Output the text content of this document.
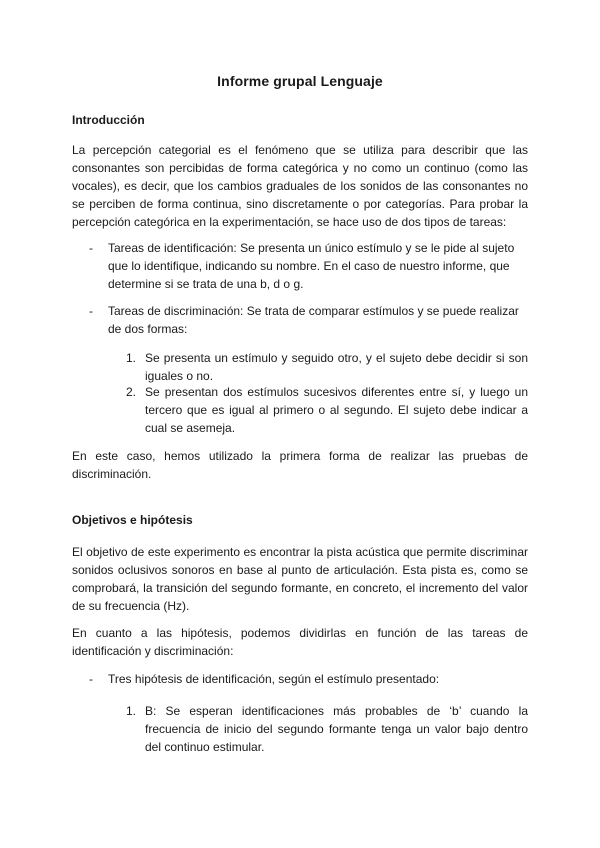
Informe grupal Lenguaje
Introducción
La percepción categorial es el fenómeno que se utiliza para describir que las consonantes son percibidas de forma categórica y no como un continuo (como las vocales), es decir, que los cambios graduales de los sonidos de las consonantes no se perciben de forma continua, sino discretamente o por categorías. Para probar la percepción categórica en la experimentación, se hace uso de dos tipos de tareas:
- Tareas de identificación: Se presenta un único estímulo y se le pide al sujeto que lo identifique, indicando su nombre. En el caso de nuestro informe, que determine si se trata de una b, d o g.
- Tareas de discriminación: Se trata de comparar estímulos y se puede realizar de dos formas:
1. Se presenta un estímulo y seguido otro, y el sujeto debe decidir si son iguales o no.
2. Se presentan dos estímulos sucesivos diferentes entre sí, y luego un tercero que es igual al primero o al segundo. El sujeto debe indicar a cual se asemeja.
En este caso, hemos utilizado la primera forma de realizar las pruebas de discriminación.
Objetivos e hipótesis
El objetivo de este experimento es encontrar la pista acústica que permite discriminar sonidos oclusivos sonoros en base al punto de articulación. Esta pista es, como se comprobará, la transición del segundo formante, en concreto, el incremento del valor de su frecuencia (Hz).
En cuanto a las hipótesis, podemos dividirlas en función de las tareas de identificación y discriminación:
- Tres hipótesis de identificación, según el estímulo presentado:
1. B: Se esperan identificaciones más probables de ‘b’ cuando la frecuencia de inicio del segundo formante tenga un valor bajo dentro del continuo estimular.
